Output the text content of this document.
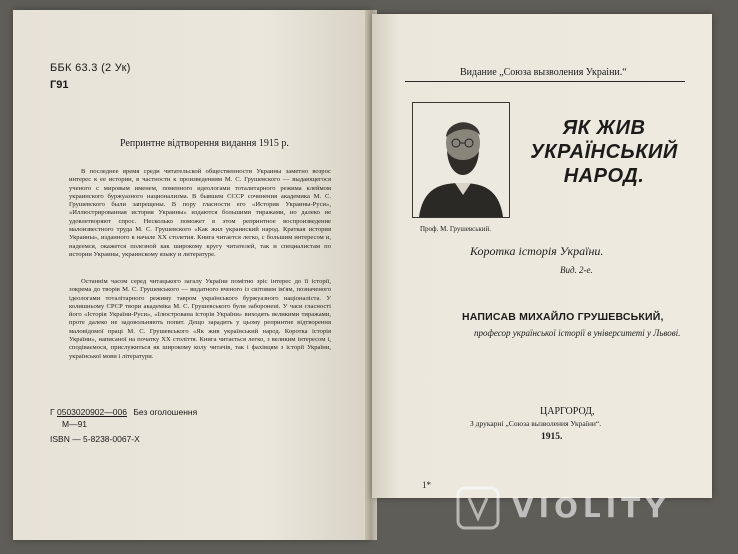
ББК 63.3 (2 Ук)

Г91

Репринтне відтворення видання 1915 р.

В последнее время среди читательской общественности Украины заметно возрос интерес к ее истории, в частности к произведениям М. С. Грушевского — выдающегося ученого с мировым именем, поменного идеологами тоталитарного режима клеймом украинского буржуазного национализма. В бывшем СССР сочинения академика М. С. Грушевского были запрещены. В пору гласности его «История Украины-Руси», «Иллюстрированная история Украины» издаются большими тиражами, но далеко не удовлетворяют спрос. Несколько поможет в этом репринтное воспроизведение малоизвестного труда М. С. Грушевского «Как жил украинский народ. Краткая история Украины», изданного в начале XX столетия. Книга читается легко, с большим интересом и, надеемся, окажется полезной как широкому кругу читателей, так и специалистам по истории Украины, украинскому языку и литературе.

Останнім часом серед читацького загалу України помітно зріс інтерес до її історії, зокрема до творів М. С. Грушевського — видатного вченого із світовим ім'ям, позначеного ідеологами тоталітарного режиму тавром українського буржуазного націоналіста. У колишньому СРСР твори академіка М. С. Грушевського були заборонені. У часи гласності його «Історія України-Руси», «Ілюстрована історія України» виходять великими тиражами, проте далеко не задовольняють попит. Дещо зарадить у цьому репринтне відтворення маловідомої праці М. С. Грушевського «Як жив український народ. Коротка історія України», написаної на початку XX століття. Книга читається легко, з великим інтересом і, сподіваємося, прислужиться як широкому колу читачів, так і фахівцям з історії України, української мови і літератури.

Г 0503020902—006 Без оголошення
М—91

ISBN — 5-8238-0067-X

Видание „Союза вызволения Украіни.“

Проф. М. Грушевський.

ЯК ЖИВ
УКРАЇНСЬКИЙ
НАРОД.

Коротка історія України.

Вид. 2-е.

НАПИСАВ МИХАЙЛО ГРУШЕВСЬКИЙ,

професор української історії в університеті у Львові.

ЦАРГОРОД,

З друкарні „Союза вызволения України“.

1915.

1*

VIOLITY
